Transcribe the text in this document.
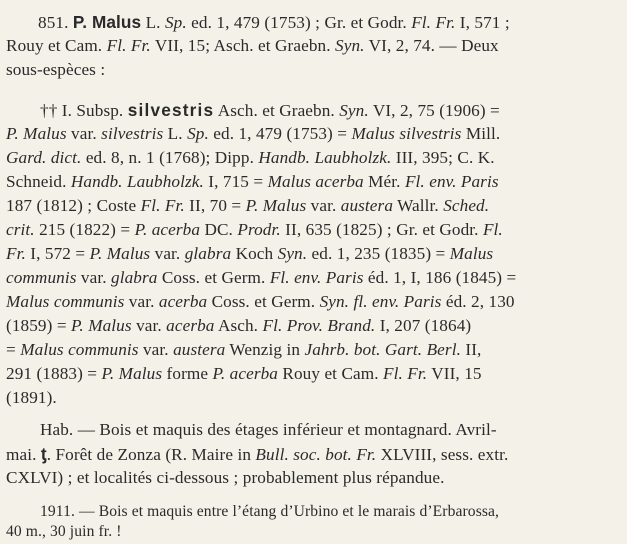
851. P. Malus L. Sp. ed. 1, 479 (1753) ; Gr. et Godr. Fl. Fr. I, 571 ;
Rouy et Cam. Fl. Fr. VII, 15; Asch. et Graebn. Syn. VI, 2, 74. — Deux
sous-espèces :
†† I. Subsp. silvestris Asch. et Graebn. Syn. VI, 2, 75 (1906) =
P. Malus var. silvestris L. Sp. ed. 1, 479 (1753) = Malus silvestris Mill.
Gard. dict. ed. 8, n. 1 (1768); Dipp. Handb. Laubholzk. III, 395; C. K.
Schneid. Handb. Laubholzk. I, 715 = Malus acerba Mér. Fl. env. Paris
187 (1812) ; Coste Fl. Fr. II, 70 = P. Malus var. austera Wallr. Sched.
crit. 215 (1822) = P. acerba DC. Prodr. II, 635 (1825) ; Gr. et Godr. Fl.
Fr. I, 572 = P. Malus var. glabra Koch Syn. ed. 1, 235 (1835) = Malus
communis var. glabra Coss. et Germ. Fl. env. Paris éd. 1, I, 186 (1845) =
Malus communis var. acerba Coss. et Germ. Syn. fl. env. Paris éd. 2, 130
(1859) = P. Malus var. acerba Asch. Fl. Prov. Brand. I, 207 (1864)
= Malus communis var. austera Wenzig in Jahrb. bot. Gart. Berl. II,
291 (1883) = P. Malus forme P. acerba Rouy et Cam. Fl. Fr. VII, 15
(1891).
Hab. — Bois et maquis des étages inférieur et montagnard. Avril-
mai. ƫ. Forêt de Zonza (R. Maire in Bull. soc. bot. Fr. XLVIII, sess. extr.
CXLVI) ; et localités ci-dessous ; probablement plus répandue.
1911. — Bois et maquis entre l’étang d’Urbino et le marais d’Erbarossa,
40 m., 30 juin fr. !
